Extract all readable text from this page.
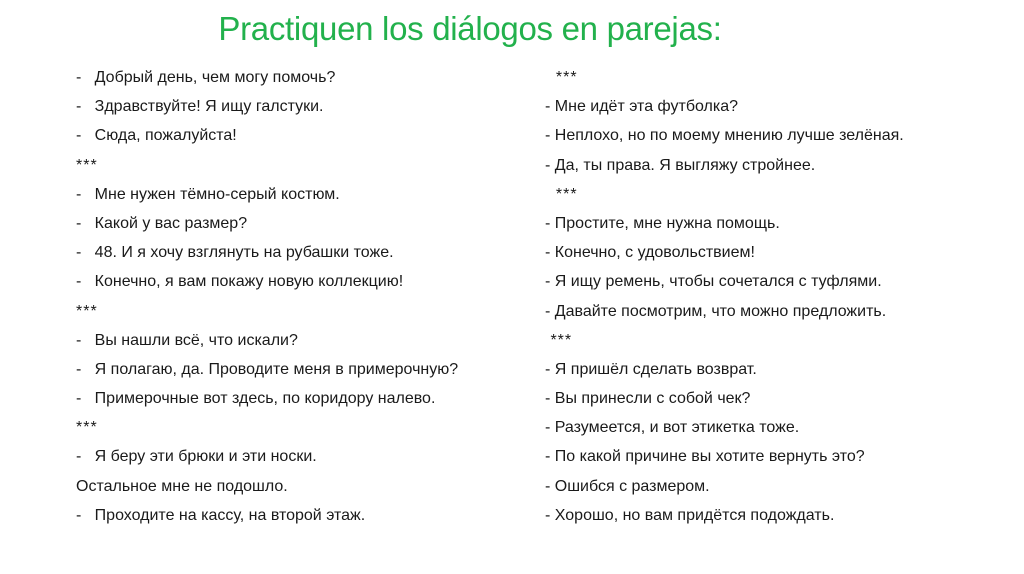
Practiquen los diálogos en parejas:
-   Добрый день, чем могу помочь?
-   Здравствуйте! Я ищу галстуки.
-   Сюда, пожалуйста!
***
-   Мне нужен тёмно-серый костюм.
-   Какой у вас размер?
-   48. И я хочу взглянуть на рубашки тоже.
-   Конечно, я вам покажу новую коллекцию!
***
-   Вы нашли всё, что искали?
-   Я полагаю, да. Проводите меня в примерочную?
-   Примерочные вот здесь, по коридору налево.
***
-   Я беру эти брюки и эти носки.
Остальное мне не подошло.
-   Проходите на кассу, на второй этаж.
***
- Мне идёт эта футболка?
- Неплохо, но по моему мнению лучше зелёная.
- Да, ты права. Я выгляжу стройнее.
***
- Простите, мне нужна помощь.
- Конечно, с удовольствием!
- Я ищу ремень, чтобы сочетался с туфлями.
- Давайте посмотрим, что можно предложить.
***
- Я пришёл сделать возврат.
- Вы принесли с собой чек?
- Разумеется, и вот этикетка тоже.
- По какой причине вы хотите вернуть это?
- Ошибся с размером.
- Хорошо, но вам придётся подождать.
